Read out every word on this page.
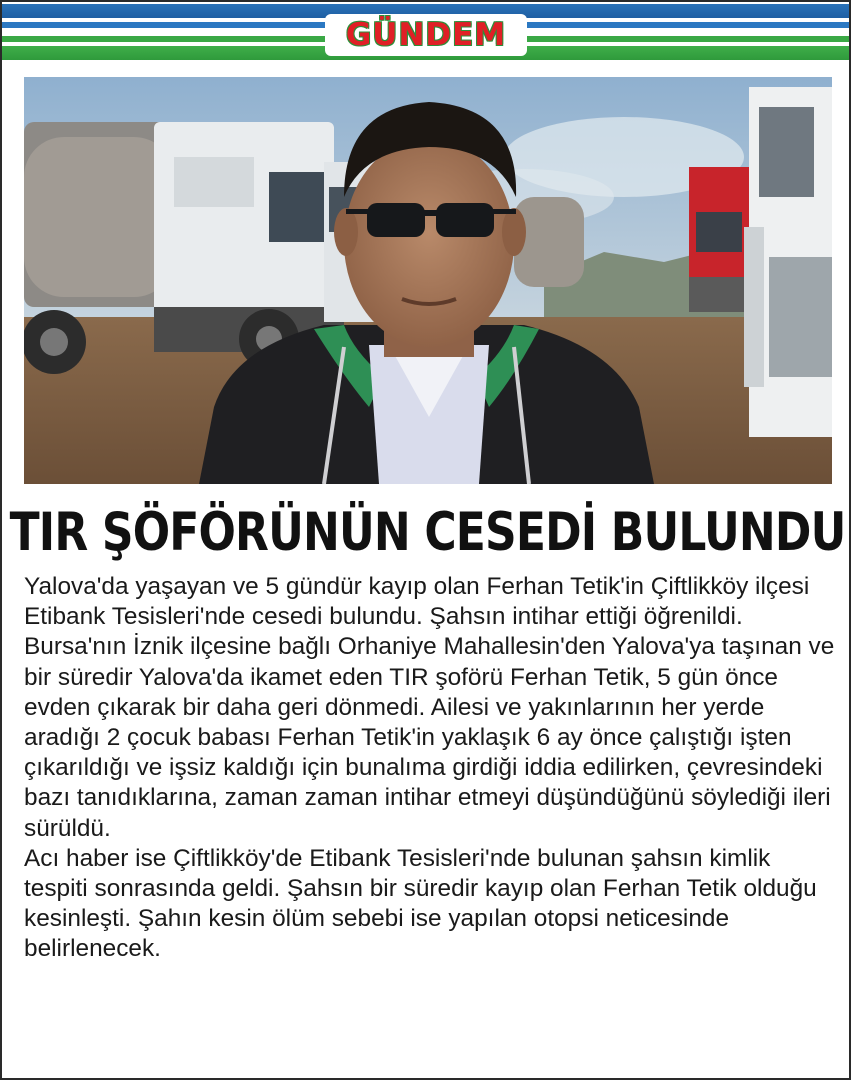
GÜNDEM
TIR ŞÖFÖRÜNÜN CESEDİ BULUNDU

Yalova'da yaşayan ve 5 gündür kayıp olan Ferhan Tetik'in Çiftlikköy ilçesi Etibank Tesisleri'nde cesedi bulundu. Şahsın intihar ettiği öğrenildi.

Bursa'nın İznik ilçesine bağlı Orhaniye Mahallesin'den Yalova'ya taşınan ve bir süredir Yalova'da ikamet eden TIR şoförü Ferhan Tetik, 5 gün önce evden çıkarak bir daha geri dönmedi. Ailesi ve yakınlarının her yerde aradığı 2 çocuk babası Ferhan Tetik'in yaklaşık 6 ay önce çalıştığı işten çıkarıldığı ve işsiz kaldığı için bunalıma girdiği iddia edilirken, çevresindeki bazı tanıdıklarına, zaman zaman intihar etmeyi düşündüğünü söylediği ileri sürüldü.

Acı haber ise Çiftlikköy'de Etibank Tesisleri'nde bulunan şahsın kimlik tespiti sonrasında geldi. Şahsın bir süredir kayıp olan Ferhan Tetik olduğu kesinleşti. Şahın kesin ölüm sebebi ise yapılan otopsi neticesinde belirlenecek.
